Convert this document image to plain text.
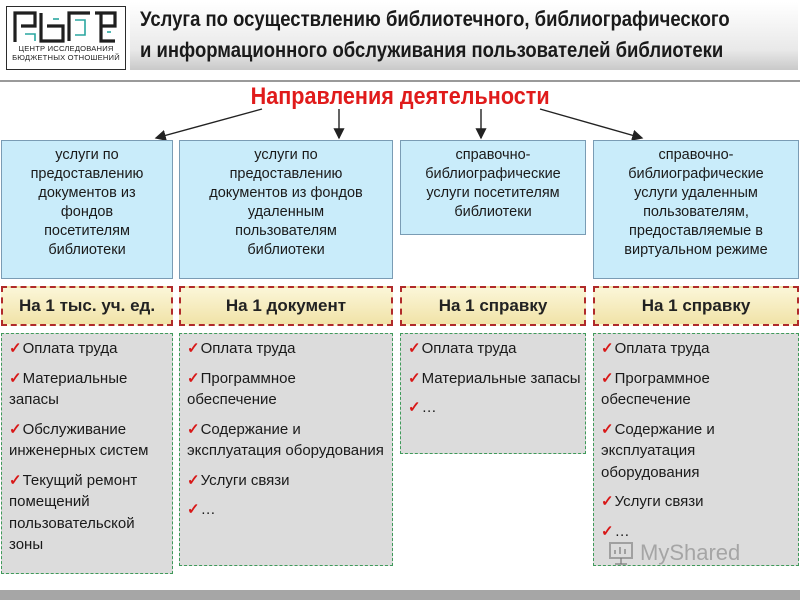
ЦЕНТР ИССЛЕДОВАНИЯ
БЮДЖЕТНЫХ ОТНОШЕНИЙ
Услуга по осуществлению библиотечного, библиографического
и информационного обслуживания пользователей библиотеки
Направления деятельности
услуги по
предоставлению
документов из
фондов
посетителям
библиотеки
На 1 тыс. уч. ед.
✓Оплата труда
✓Материальные запасы
✓Обслуживание инженерных систем
✓Текущий ремонт помещений пользовательской зоны
услуги по
предоставлению
документов из фондов
удаленным
пользователям
библиотеки
На 1 документ
✓Оплата труда
✓Программное обеспечение
✓Содержание и эксплуатация оборудования
✓Услуги связи
✓…
справочно-
библиографические
услуги посетителям
библиотеки
На 1 справку
✓Оплата труда
✓Материальные запасы
✓…
справочно-
библиографические
услуги удаленным
пользователям,
предоставляемые в
виртуальном режиме
На 1 справку
✓Оплата труда
✓Программное обеспечение
✓Содержание и эксплуатация оборудования
✓Услуги связи
✓…
MyShared
